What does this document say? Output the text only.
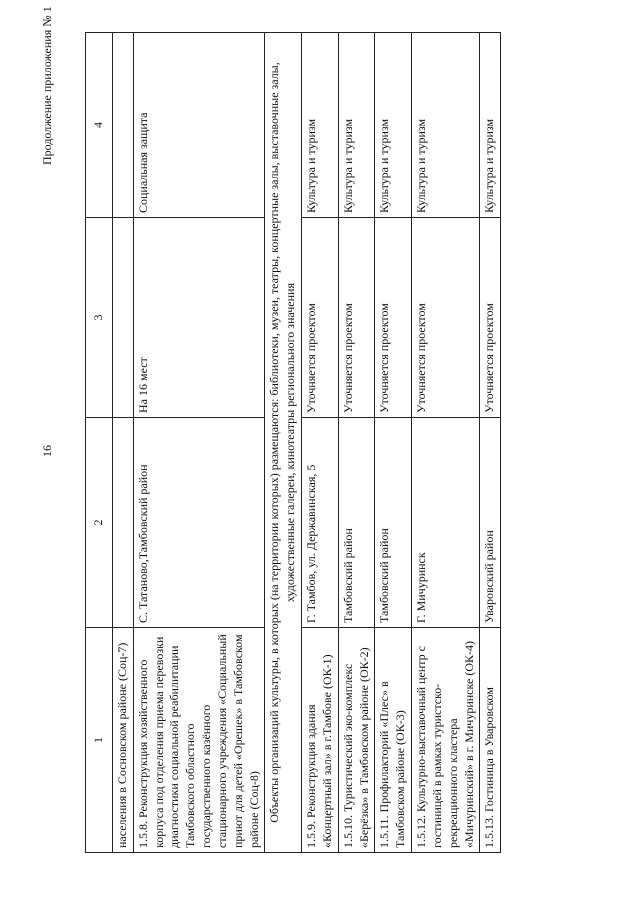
16
Продолжение приложения № 1
1	2	3	4
населения в Сосновском районе (Соц-7)			
1.5.8. Реконструкция хозяйственного корпуса под отделения приема перевозки диагностики социальной реабилитации Тамбовского областного государственного казённого стационарного учреждения «Социальный приют для детей «Орешек» в Тамбовском районе (Соц-8)	С. Татаново,Тамбовский район	На 16 мест	Социальная защита
Объекты организаций культуры, в которых (на территории которых) размещаются: библиотеки, музеи, театры, концертные залы, выставочные залы, художественные галереи, кинотеатры регионального значения			
1.5.9. Реконструкция здания «Концертный зал» в г.Тамбове (ОК-1)	Г. Тамбов, ул. Державинская, 5	Уточняется проектом	Культура и туризм
1.5.10. Туристический эко-комплекс «Берёзка» в Тамбовском районе (ОК-2)	Тамбовский район	Уточняется проектом	Культура и туризм
1.5.11. Профилакторий «Плес» в Тамбовском районе (ОК-3)	Тамбовский район	Уточняется проектом	Культура и туризм
1.5.12. Культурно-выставочный центр с гостиницей в рамках туристско-рекреационного кластера «Мичуринский» в г. Мичуринске (ОК-4)	Г. Мичуринск	Уточняется проектом	Культура и туризм
1.5.13. Гостиница в Уваровском	Уваровский район	Уточняется проектом	Культура и туризм
